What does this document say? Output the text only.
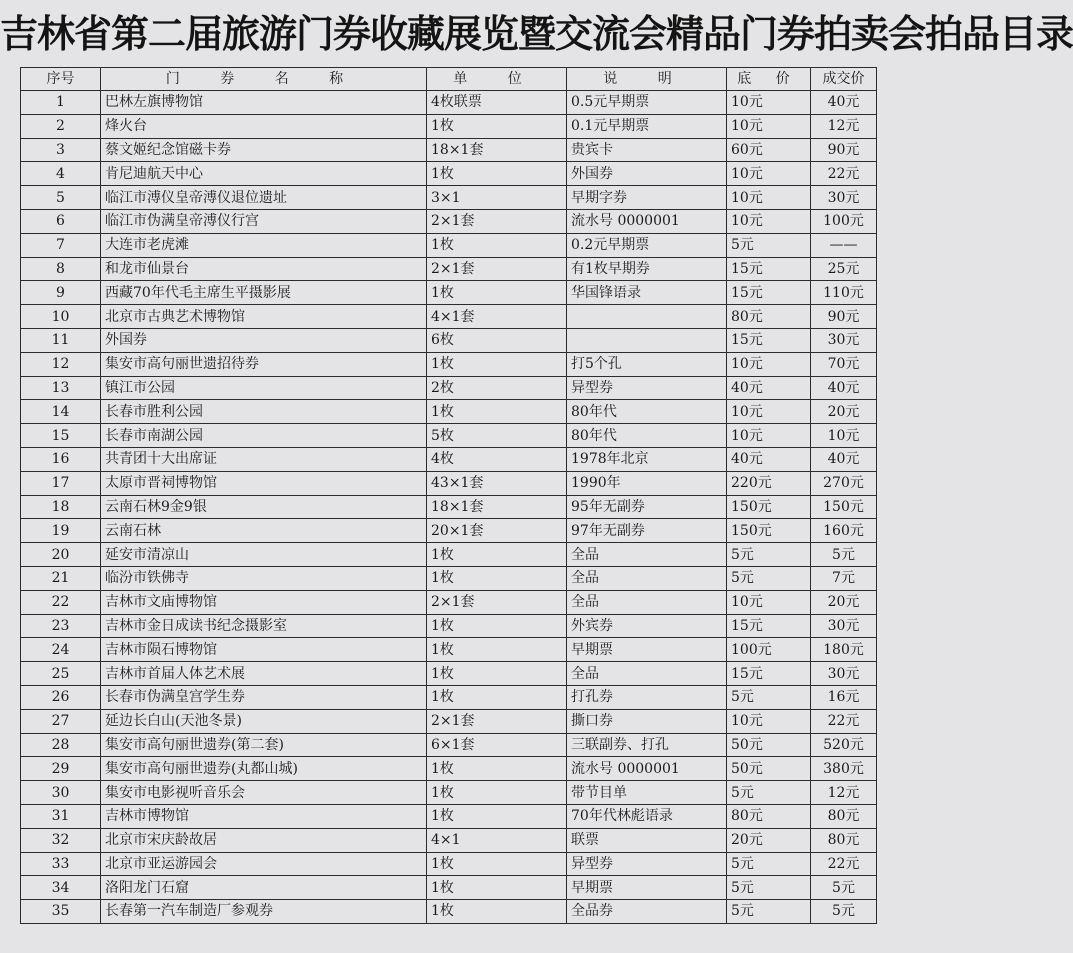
吉林省第二届旅游门券收藏展览暨交流会精品门券拍卖会拍品目录
序号	门 券 名 称	单 位	说 明	底 价	成交价
1	巴林左旗博物馆	4枚联票	0.5元早期票	10元	40元
2	烽火台	1枚	0.1元早期票	10元	12元
3	蔡文姬纪念馆磁卡券	18×1套	贵宾卡	60元	90元
4	肯尼迪航天中心	1枚	外国券	10元	22元
5	临江市溥仪皇帝溥仪退位遗址	3×1	早期字券	10元	30元
6	临江市伪满皇帝溥仪行宫	2×1套	流水号 0000001	10元	100元
7	大连市老虎滩	1枚	0.2元早期票	5元	——
8	和龙市仙景台	2×1套	有1枚早期券	15元	25元
9	西藏70年代毛主席生平摄影展	1枚	华国锋语录	15元	110元
10	北京市古典艺术博物馆	4×1套		80元	90元
11	外国券	6枚		15元	30元
12	集安市高句丽世遗招待券	1枚	打5个孔	10元	70元
13	镇江市公园	2枚	异型券	40元	40元
14	长春市胜利公园	1枚	80年代	10元	20元
15	长春市南湖公园	5枚	80年代	10元	10元
16	共青团十大出席证	4枚	1978年北京	40元	40元
17	太原市晋祠博物馆	43×1套	1990年	220元	270元
18	云南石林9金9银	18×1套	95年无副券	150元	150元
19	云南石林	20×1套	97年无副券	150元	160元
20	延安市清凉山	1枚	全品	5元	5元
21	临汾市铁佛寺	1枚	全品	5元	7元
22	吉林市文庙博物馆	2×1套	全品	10元	20元
23	吉林市金日成读书纪念摄影室	1枚	外宾券	15元	30元
24	吉林市陨石博物馆	1枚	早期票	100元	180元
25	吉林市首届人体艺术展	1枚	全品	15元	30元
26	长春市伪满皇宫学生券	1枚	打孔券	5元	16元
27	延边长白山(天池冬景)	2×1套	撕口券	10元	22元
28	集安市高句丽世遗券(第二套)	6×1套	三联副券、打孔	50元	520元
29	集安市高句丽世遗券(丸都山城)	1枚	流水号 0000001	50元	380元
30	集安市电影视听音乐会	1枚	带节目单	5元	12元
31	吉林市博物馆	1枚	70年代林彪语录	80元	80元
32	北京市宋庆龄故居	4×1	联票	20元	80元
33	北京市亚运游园会	1枚	异型券	5元	22元
34	洛阳龙门石窟	1枚	早期票	5元	5元
35	长春第一汽车制造厂参观券	1枚	全品券	5元	5元
